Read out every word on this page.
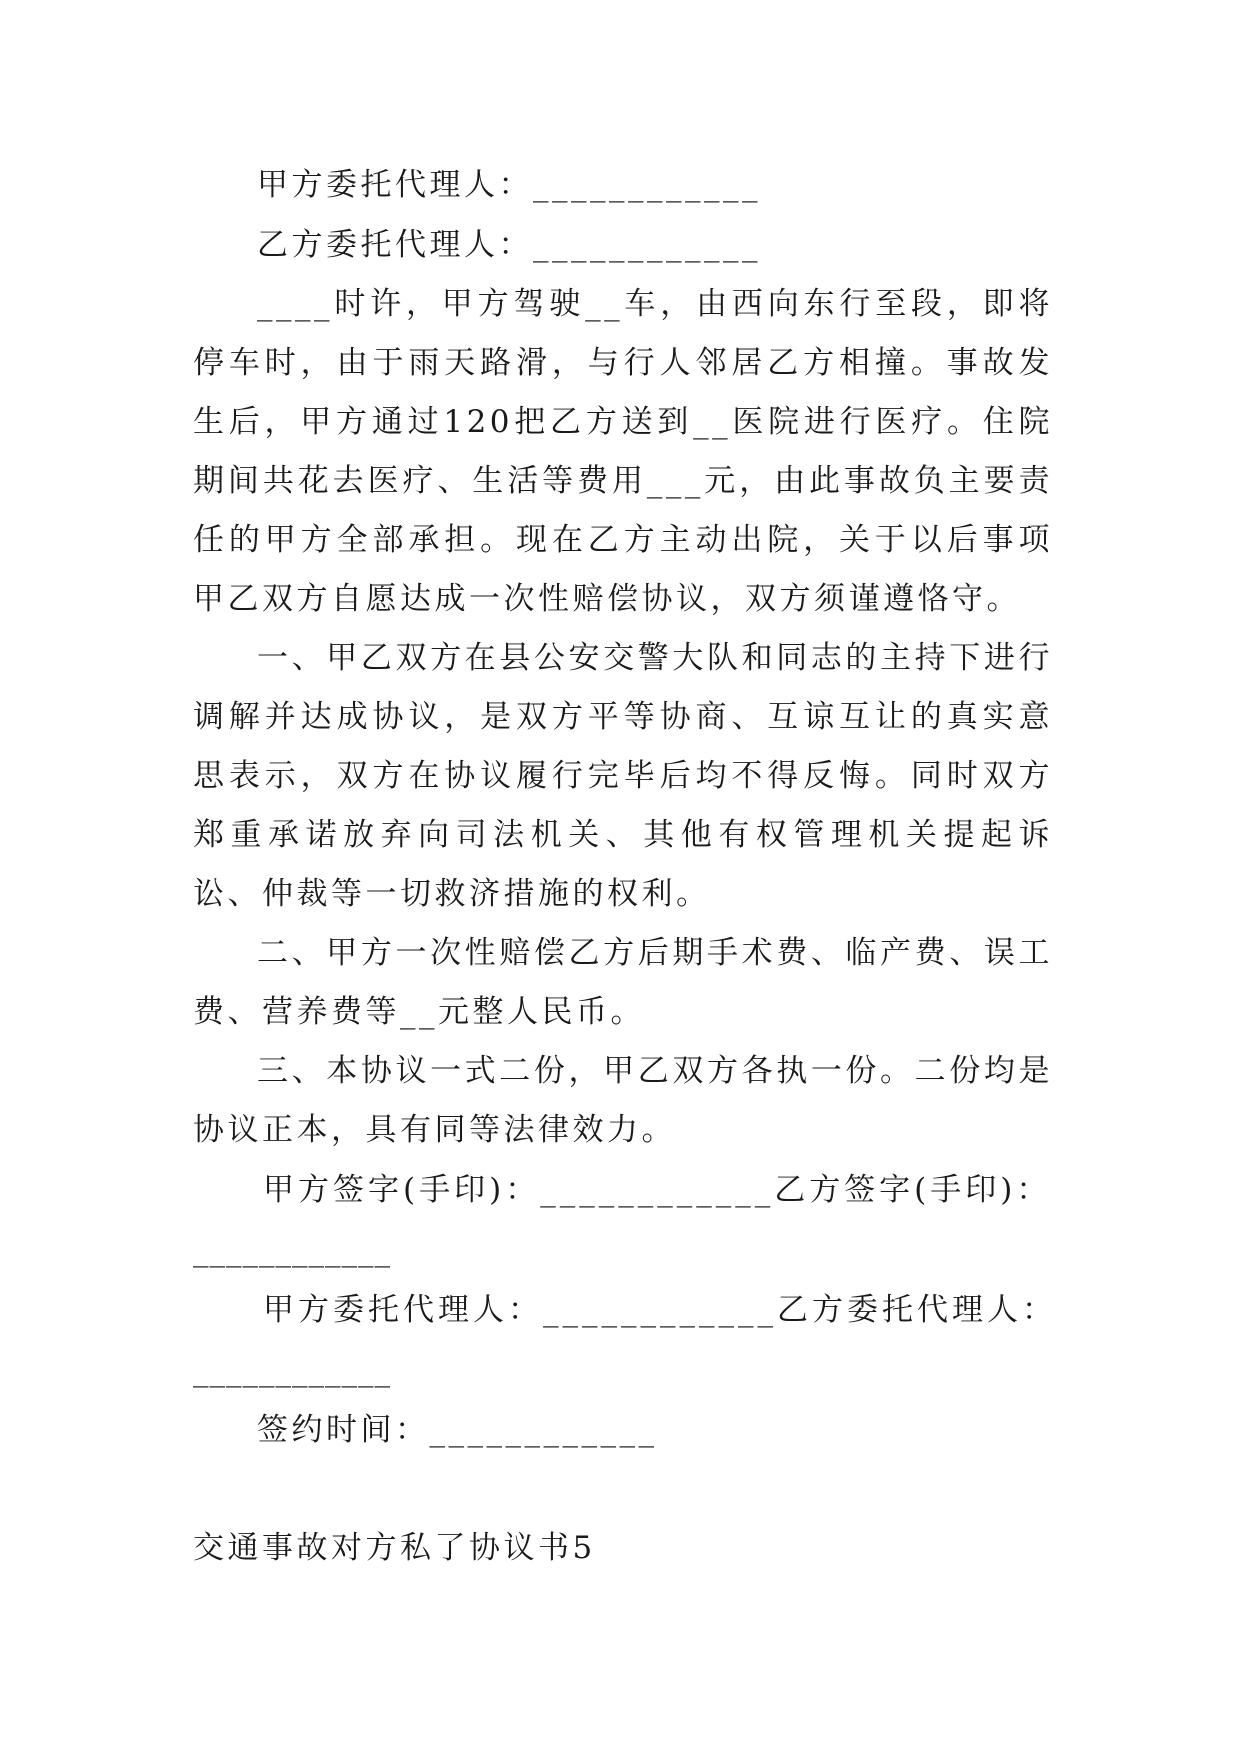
甲方委托代理人：____________
乙方委托代理人：____________

____时许，甲方驾驶__车，由西向东行至段，即将停车时，由于雨天路滑，与行人邻居乙方相撞。事故发生后，甲方通过120把乙方送到__医院进行医疗。住院期间共花去医疗、生活等费用___元，由此事故负主要责任的甲方全部承担。现在乙方主动出院，关于以后事项甲乙双方自愿达成一次性赔偿协议，双方须谨遵恪守。

一、甲乙双方在县公安交警大队和同志的主持下进行调解并达成协议，是双方平等协商、互谅互让的真实意思表示，双方在协议履行完毕后均不得反悔。同时双方郑重承诺放弃向司法机关、其他有权管理机关提起诉讼、仲裁等一切救济措施的权利。

二、甲方一次性赔偿乙方后期手术费、临产费、误工费、营养费等__元整人民币。

三、本协议一式二份，甲乙双方各执一份。二份均是协议正本，具有同等法律效力。

甲方签字(手印)：____________乙方签字(手印)：
____________
甲方委托代理人：____________乙方委托代理人：
____________
签约时间：____________
交通事故对方私了协议书5
